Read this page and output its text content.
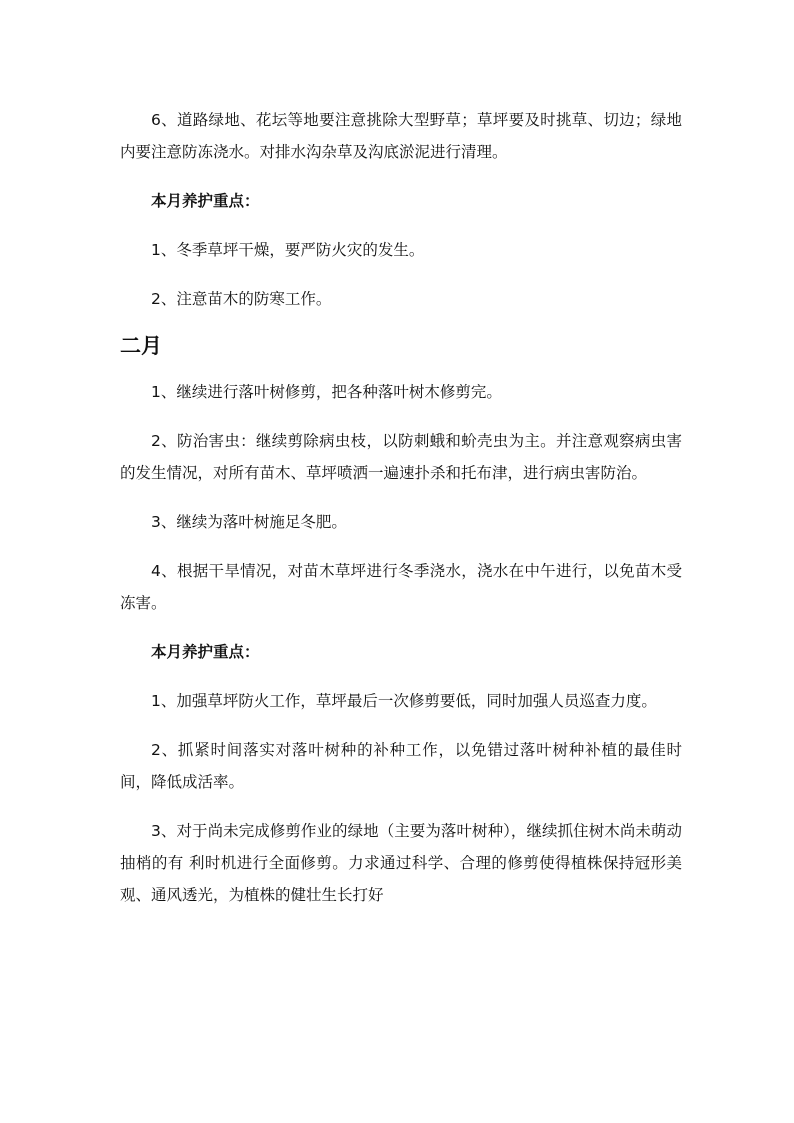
6、道路绿地、花坛等地要注意挑除大型野草；草坪要及时挑草、切边；绿地内要注意防冻浇水。对排水沟杂草及沟底淤泥进行清理。

本月养护重点：

1、冬季草坪干燥，要严防火灾的发生。

2、注意苗木的防寒工作。

二月

1、继续进行落叶树修剪，把各种落叶树木修剪完。

2、防治害虫：继续剪除病虫枝，以防刺蛾和蚧壳虫为主。并注意观察病虫害的发生情况，对所有苗木、草坪喷洒一遍速扑杀和托布津，进行病虫害防治。

3、继续为落叶树施足冬肥。

4、根据干旱情况，对苗木草坪进行冬季浇水，浇水在中午进行，以免苗木受冻害。

本月养护重点：

1、加强草坪防火工作，草坪最后一次修剪要低，同时加强人员巡查力度。

2、抓紧时间落实对落叶树种的补种工作，以免错过落叶树种补植的最佳时间，降低成活率。

3、对于尚未完成修剪作业的绿地（主要为落叶树种），继续抓住树木尚未萌动抽梢的有 利时机进行全面修剪。力求通过科学、合理的修剪使得植株保持冠形美观、通风透光，为植株的健壮生长打好
